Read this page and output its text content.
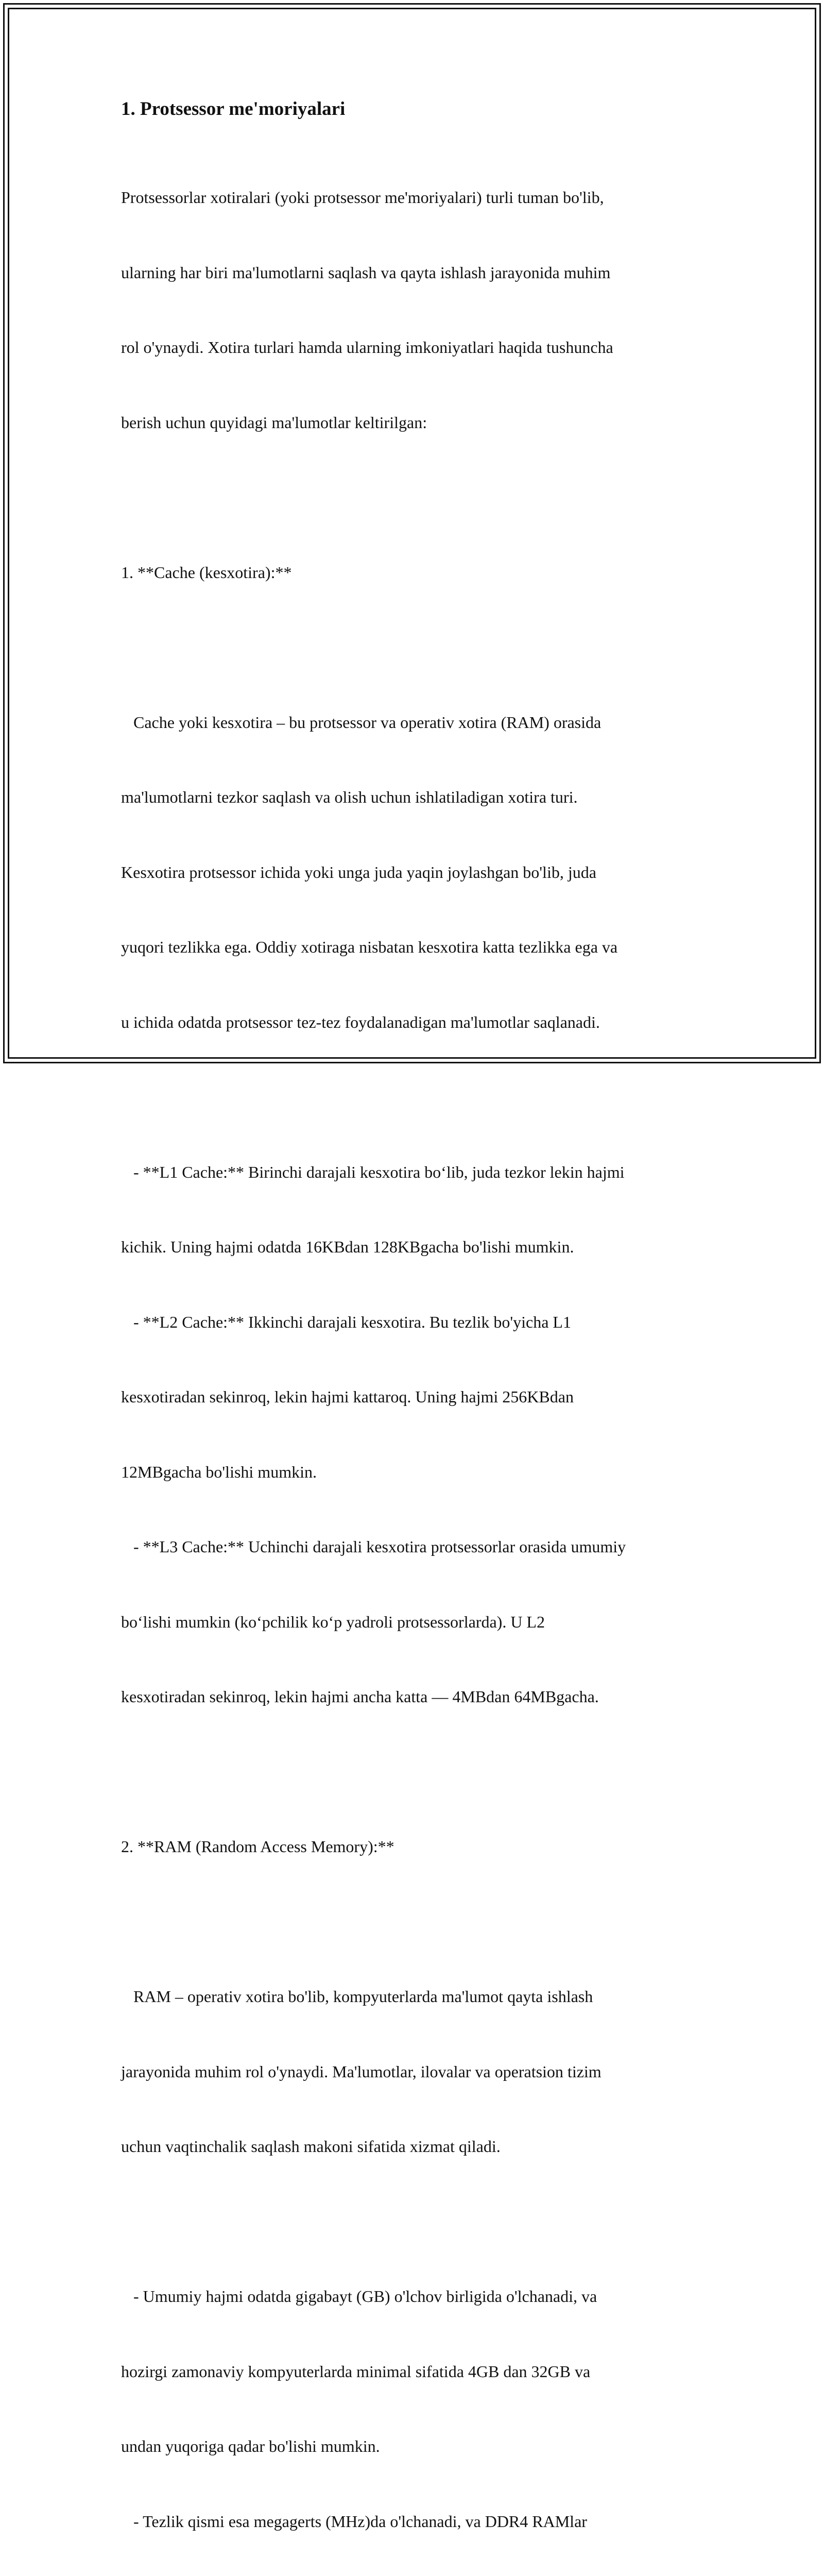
1. Protsessor me'moriyalari

Protsessorlar xotiralari (yoki protsessor me'moriyalari) turli tuman bo'lib,

ularning har biri ma'lumotlarni saqlash va qayta ishlash jarayonida muhim

rol o'ynaydi. Xotira turlari hamda ularning imkoniyatlari haqida tushuncha

berish uchun quyidagi ma'lumotlar keltirilgan:

1. **Cache (kesxotira):**

Cache yoki kesxotira – bu protsessor va operativ xotira (RAM) orasida

ma'lumotlarni tezkor saqlash va olish uchun ishlatiladigan xotira turi.

Kesxotira protsessor ichida yoki unga juda yaqin joylashgan bo'lib, juda

yuqori tezlikka ega. Oddiy xotiraga nisbatan kesxotira katta tezlikka ega va

u ichida odatda protsessor tez-tez foydalanadigan ma'lumotlar saqlanadi.

- **L1 Cache:** Birinchi darajali kesxotira bo‘lib, juda tezkor lekin hajmi

kichik. Uning hajmi odatda 16KBdan 128KBgacha bo'lishi mumkin.

- **L2 Cache:** Ikkinchi darajali kesxotira. Bu tezlik bo'yicha L1

kesxotiradan sekinroq, lekin hajmi kattaroq. Uning hajmi 256KBdan

12MBgacha bo'lishi mumkin.

- **L3 Cache:** Uchinchi darajali kesxotira protsessorlar orasida umumiy

bo‘lishi mumkin (ko‘pchilik ko‘p yadroli protsessorlarda). U L2

kesxotiradan sekinroq, lekin hajmi ancha katta — 4MBdan 64MBgacha.

2. **RAM (Random Access Memory):**

RAM – operativ xotira bo'lib, kompyuterlarda ma'lumot qayta ishlash

jarayonida muhim rol o'ynaydi. Ma'lumotlar, ilovalar va operatsion tizim

uchun vaqtinchalik saqlash makoni sifatida xizmat qiladi.

- Umumiy hajmi odatda gigabayt (GB) o'lchov birligida o'lchanadi, va

hozirgi zamonaviy kompyuterlarda minimal sifatida 4GB dan 32GB va

undan yuqoriga qadar bo'lishi mumkin.

- Tezlik qismi esa megagerts (MHz)da o'lchanadi, va DDR4 RAMlar
